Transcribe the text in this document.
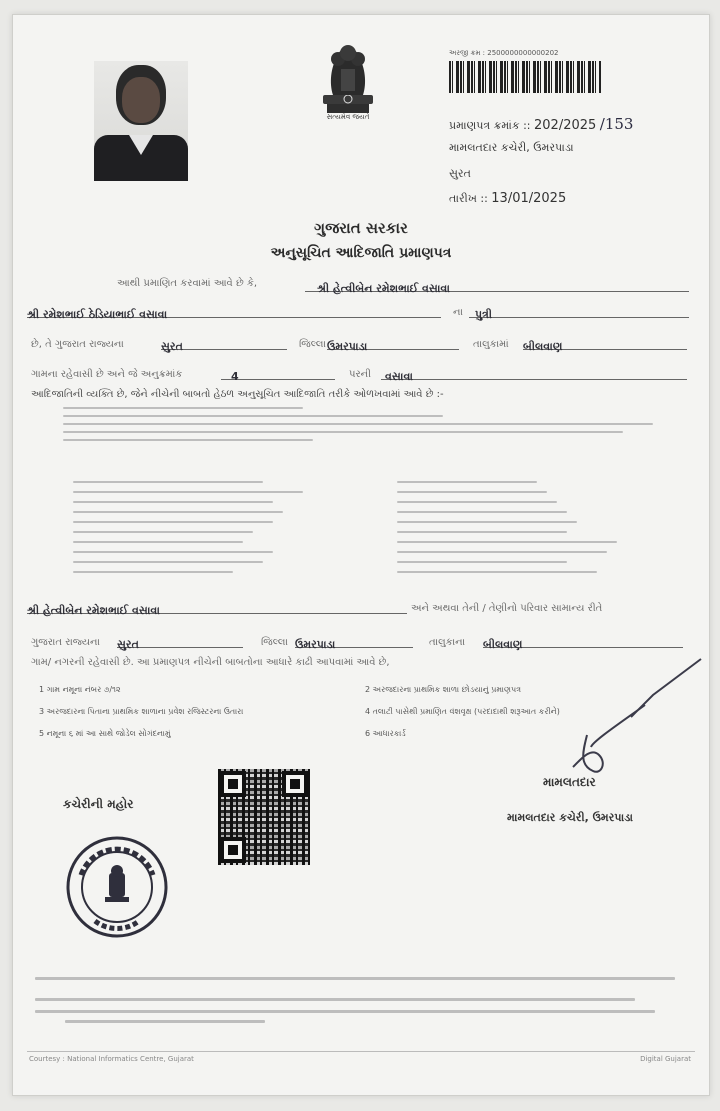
સત્યમેવ જયતે
અરજી ક્રમ : 2500000000000202
પ્રમાણપત્ર ક્રમાંક :: 202/2025 /153
મામલતદાર કચેરી, ઉમરપાડા
સુરત
તારીખ :: 13/01/2025
ગુજરાત સરકાર
અનુસૂચિત આદિજાતિ પ્રમાણપત્ર
આથી પ્રમાણિત કરવામાં આવે છે કે,	શ્રી હેત્વીબેન રમેશભાઈ વસાવા
શ્રી રમેશભાઈ ઠેડિયાભાઈ વસાવા	ના	પુત્રી
છે, તે ગુજરાત રાજ્યના	સુરત	જિલ્લા ઉમરપાડા	તાલુકામાં બીલવાણ
ગામના રહેવાસી છે અને જે અનુક્રમાંક	4	પરની	વસાવા
આદિજાતિની વ્યક્તિ છે, જેને નીચેની બાબતો હેઠળ અનુસૂચિત આદિજાતિ તરીકે ઓળખવામાં આવે છે :-
શ્રી હેત્વીબેન રમેશભાઈ વસાવા	અને અથવા તેની / તેણીનો પરિવાર સામાન્ય રીતે
ગુજરાત રાજ્યના સુરત	જિલ્લા ઉમરપાડા	તાલુકાના બીલવાણ
ગામ/ નગરની રહેવાસી છે. આ પ્રમાણપત્ર નીચેની બાબતોના આધારે કાઢી આપવામાં આવે છે,
1 ગામ નમૂના નંબર ૭/૧૨	2 અરજદારના પ્રાથમિક શાળા છોડયાનું પ્રમાણપત્ર
3 અરજદારના પિતાના પ્રાથમિક શાળાના પ્રવેશ રજિસ્ટરના ઉતારા	4 તલાટી પાસેથી પ્રમાણિત વંશવૃક્ષ (પરદાદાથી શરૂઆત કરીને)
5 નમૂના ૬ માં આ સાથે જોડેલ સોગંદનામું	6 આધારકાર્ડ
મામલતદાર
મામલતદાર કચેરી, ઉમરપાડા
કચેરીની મહોર
Courtesy : National Informatics Centre, Gujarat	Digital Gujarat
